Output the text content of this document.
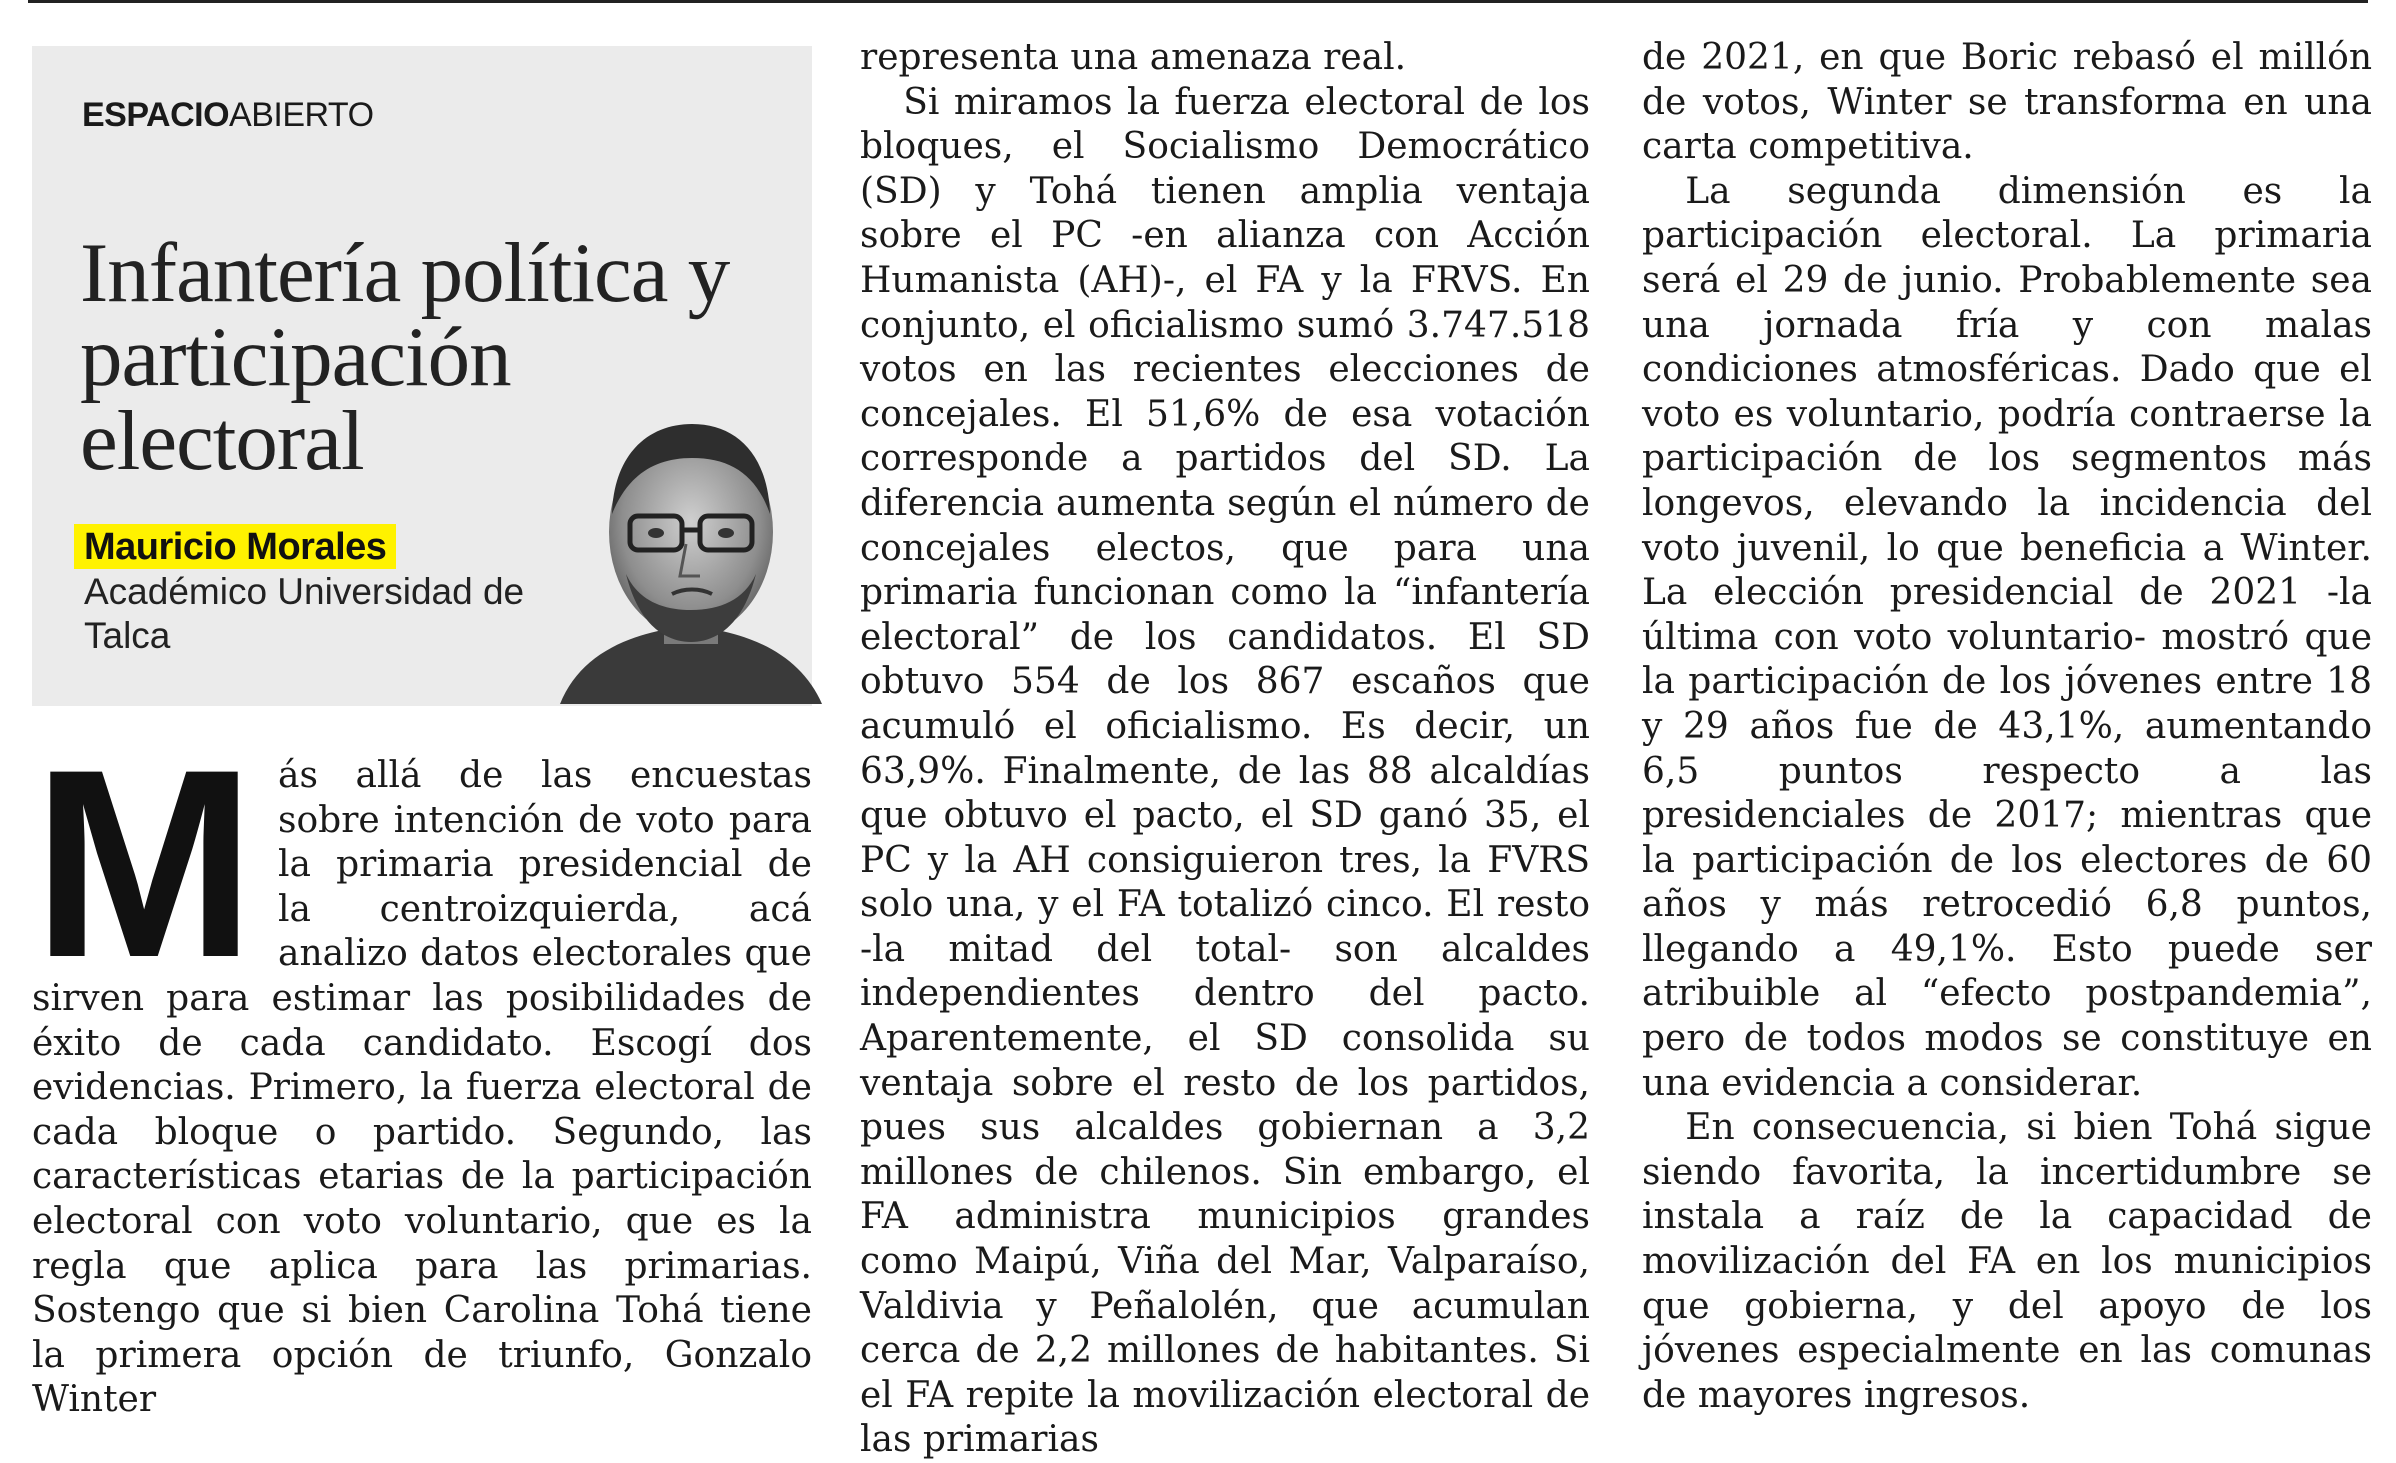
ESPACIOABIERTO
Infantería política y participación electoral
Mauricio Morales
Académico Universidad de Talca
M ás allá de las encuestas sobre intención de voto para la primaria presidencial de la centroizquierda, acá analizo datos electorales que sirven para estimar las posibilidades de éxito de cada candidato. Escogí dos evidencias. Primero, la fuerza electoral de cada bloque o partido. Segundo, las características etarias de la participación electoral con voto voluntario, que es la regla que aplica para las primarias. Sostengo que si bien Carolina Tohá tiene la primera opción de triunfo, Gonzalo Winter

representa una amenaza real.

Si miramos la fuerza electoral de los bloques, el Socialismo Democrático (SD) y Tohá tienen amplia ventaja sobre el PC -en alianza con Acción Humanista (AH)-, el FA y la FRVS. En conjunto, el oficialismo sumó 3.747.518 votos en las recientes elecciones de concejales. El 51,6% de esa votación corresponde a partidos del SD. La diferencia aumenta según el número de concejales electos, que para una primaria funcionan como la “infantería electoral” de los candidatos. El SD obtuvo 554 de los 867 escaños que acumuló el oficialismo. Es decir, un 63,9%. Finalmente, de las 88 alcaldías que obtuvo el pacto, el SD ganó 35, el PC y la AH consiguieron tres, la FVRS solo una, y el FA totalizó cinco. El resto -la mitad del total- son alcaldes independientes dentro del pacto. Aparentemente, el SD consolida su ventaja sobre el resto de los partidos, pues sus alcaldes gobiernan a 3,2 millones de chilenos. Sin embargo, el FA administra municipios grandes como Maipú, Viña del Mar, Valparaíso, Valdivia y Peñalolén, que acumulan cerca de 2,2 millones de habitantes. Si el FA repite la movilización electoral de las primarias

de 2021, en que Boric rebasó el millón de votos, Winter se transforma en una carta competitiva.

La segunda dimensión es la participación electoral. La primaria será el 29 de junio. Probablemente sea una jornada fría y con malas condiciones atmosféricas. Dado que el voto es voluntario, podría contraerse la participación de los segmentos más longevos, elevando la incidencia del voto juvenil, lo que beneficia a Winter. La elección presidencial de 2021 -la última con voto voluntario- mostró que la participación de los jóvenes entre 18 y 29 años fue de 43,1%, aumentando 6,5 puntos respecto a las presidenciales de 2017; mientras que la participación de los electores de 60 años y más retrocedió 6,8 puntos, llegando a 49,1%. Esto puede ser atribuible al “efecto postpandemia”, pero de todos modos se constituye en una evidencia a considerar.

En consecuencia, si bien Tohá sigue siendo favorita, la incertidumbre se instala a raíz de la capacidad de movilización del FA en los municipios que gobierna, y del apoyo de los jóvenes especialmente en las comunas de mayores ingresos.
